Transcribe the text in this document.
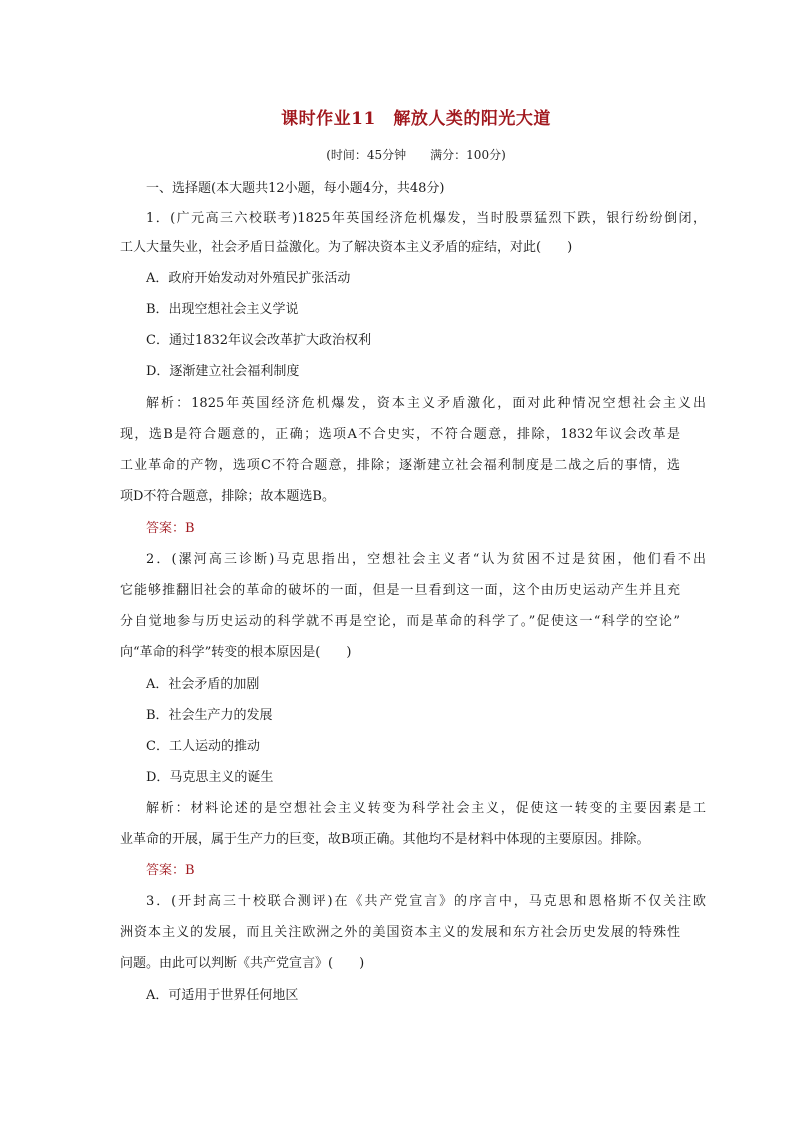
课时作业11　解放人类的阳光大道
(时间：45分钟　　满分：100分)
一、选择题(本大题共12小题，每小题4分，共48分)
1．(广元高三六校联考)1825年英国经济危机爆发，当时股票猛烈下跌，银行纷纷倒闭，
工人大量失业，社会矛盾日益激化。为了解决资本主义矛盾的症结，对此(　　)
A．政府开始发动对外殖民扩张活动
B．出现空想社会主义学说
C．通过1832年议会改革扩大政治权利
D．逐渐建立社会福利制度
解析：1825年英国经济危机爆发，资本主义矛盾激化，面对此种情况空想社会主义出
现，选B是符合题意的，正确；选项A不合史实，不符合题意，排除，1832年议会改革是
工业革命的产物，选项C不符合题意，排除；逐渐建立社会福利制度是二战之后的事情，选
项D不符合题意，排除；故本题选B。
答案：B
2．(漯河高三诊断)马克思指出，空想社会主义者“认为贫困不过是贫困，他们看不出
它能够推翻旧社会的革命的破坏的一面，但是一旦看到这一面，这个由历史运动产生并且充
分自觉地参与历史运动的科学就不再是空论，而是革命的科学了。”促使这一“科学的空论”
向“革命的科学”转变的根本原因是(　　)
A．社会矛盾的加剧
B．社会生产力的发展
C．工人运动的推动
D．马克思主义的诞生
解析：材料论述的是空想社会主义转变为科学社会主义，促使这一转变的主要因素是工
业革命的开展，属于生产力的巨变，故B项正确。其他均不是材料中体现的主要原因。排除。
答案：B
3．(开封高三十校联合测评)在《共产党宣言》的序言中，马克思和恩格斯不仅关注欧
洲资本主义的发展，而且关注欧洲之外的美国资本主义的发展和东方社会历史发展的特殊性
问题。由此可以判断《共产党宣言》(　　)
A．可适用于世界任何地区
